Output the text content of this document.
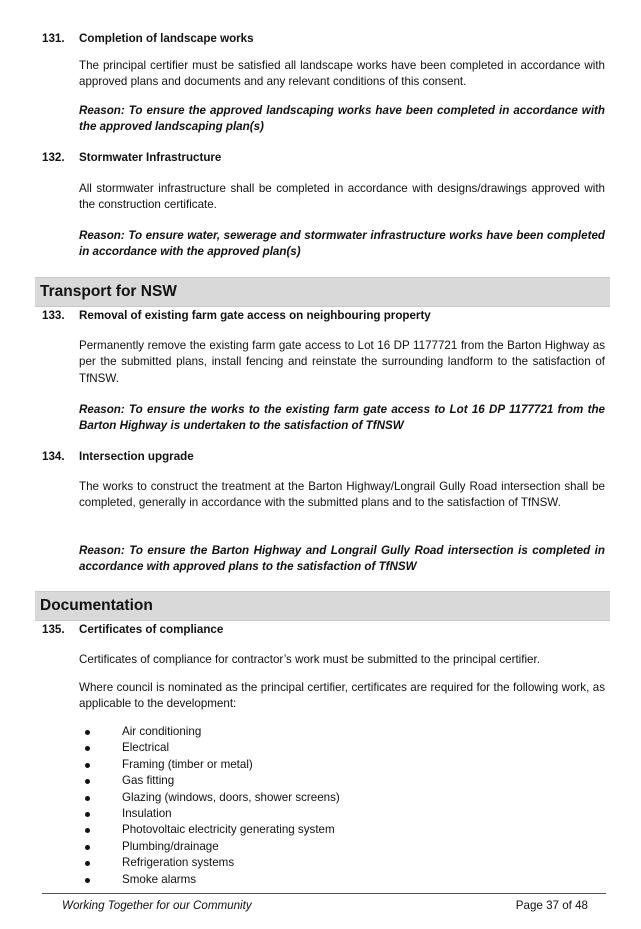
131. Completion of landscape works

The principal certifier must be satisfied all landscape works have been completed in accordance with approved plans and documents and any relevant conditions of this consent.

Reason: To ensure the approved landscaping works have been completed in accordance with the approved landscaping plan(s)

132. Stormwater Infrastructure

All stormwater infrastructure shall be completed in accordance with designs/drawings approved with the construction certificate.

Reason: To ensure water, sewerage and stormwater infrastructure works have been completed in accordance with the approved plan(s)

Transport for NSW
133. Removal of existing farm gate access on neighbouring property

Permanently remove the existing farm gate access to Lot 16 DP 1177721 from the Barton Highway as per the submitted plans, install fencing and reinstate the surrounding landform to the satisfaction of TfNSW.

Reason: To ensure the works to the existing farm gate access to Lot 16 DP 1177721 from the Barton Highway is undertaken to the satisfaction of TfNSW

134. Intersection upgrade

The works to construct the treatment at the Barton Highway/Longrail Gully Road intersection shall be completed, generally in accordance with the submitted plans and to the satisfaction of TfNSW.

Reason: To ensure the Barton Highway and Longrail Gully Road intersection is completed in accordance with approved plans to the satisfaction of TfNSW

Documentation
135. Certificates of compliance

Certificates of compliance for contractor’s work must be submitted to the principal certifier.

Where council is nominated as the principal certifier, certificates are required for the following work, as applicable to the development:

Air conditioning
Electrical
Framing (timber or metal)
Gas fitting
Glazing (windows, doors, shower screens)
Insulation
Photovoltaic electricity generating system
Plumbing/drainage
Refrigeration systems
Smoke alarms
Working Together for our Community	Page 37 of 48
